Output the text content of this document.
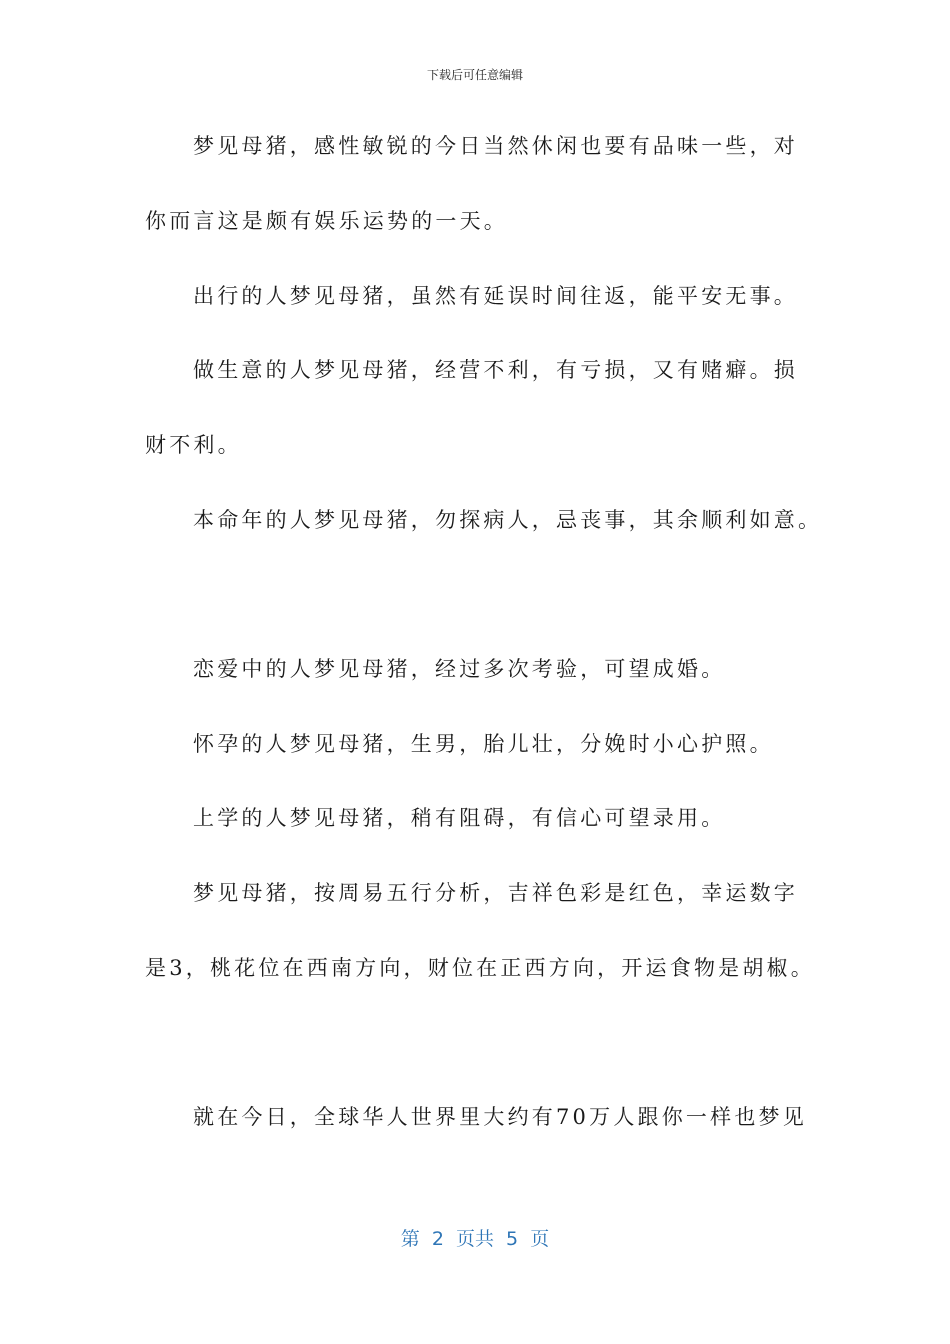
下载后可任意编辑
梦见母猪，感性敏锐的今日当然休闲也要有品味一些，对
你而言这是颇有娱乐运势的一天。
出行的人梦见母猪，虽然有延误时间往返，能平安无事。
做生意的人梦见母猪，经营不利，有亏损，又有赌癖。损
财不利。
本命年的人梦见母猪，勿探病人，忌丧事，其余顺利如意。
恋爱中的人梦见母猪，经过多次考验，可望成婚。
怀孕的人梦见母猪，生男，胎儿壮，分娩时小心护照。
上学的人梦见母猪，稍有阻碍，有信心可望录用。
梦见母猪，按周易五行分析，吉祥色彩是红色，幸运数字
是3，桃花位在西南方向，财位在正西方向，开运食物是胡椒。
就在今日，全球华人世界里大约有70万人跟你一样也梦见
第 2 页共 5 页
